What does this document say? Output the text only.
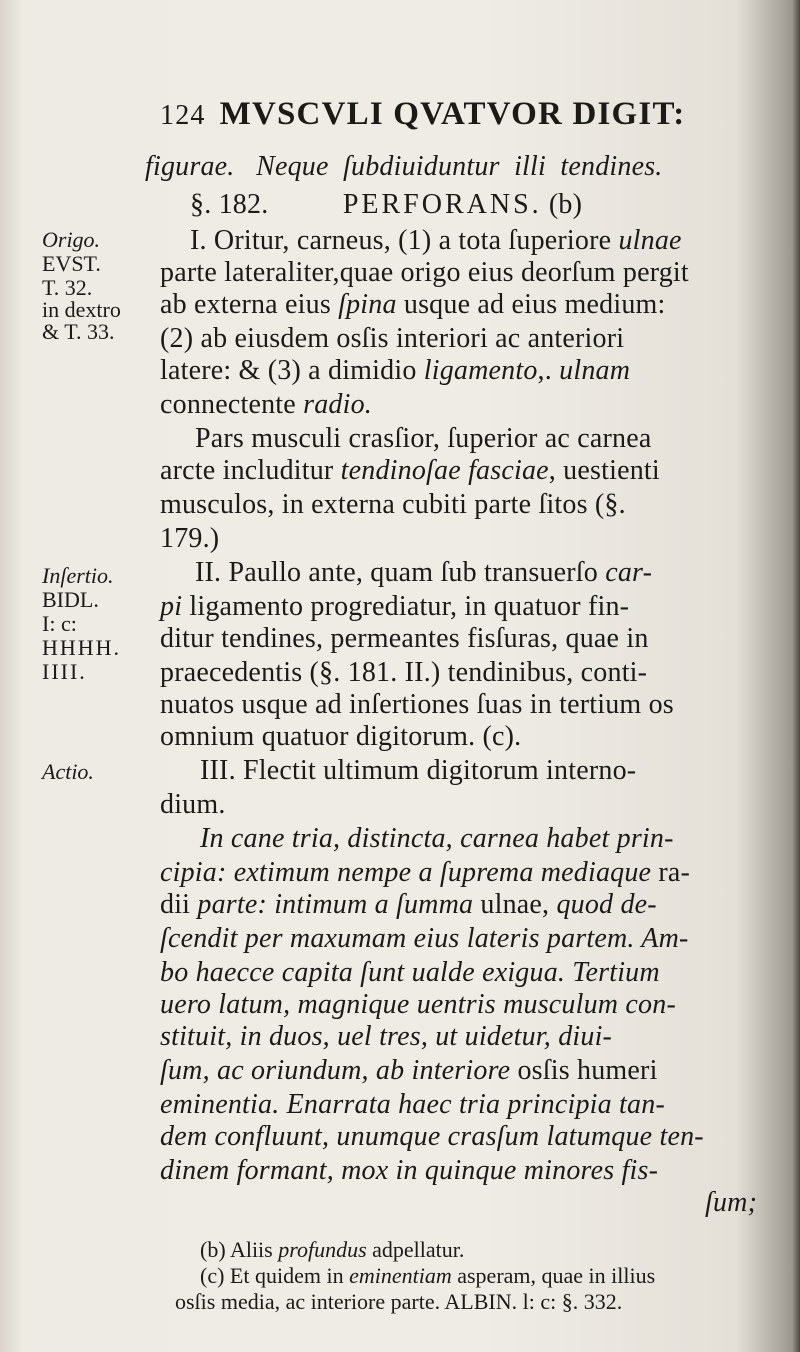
124 MVSCVLI QVATVOR DIGIT:
figurae. Neque ſubdiuiduntur illi tendines.
§. 182.	PERFORANS. (b)
I. Oritur, carneus, (1) a tota ſuperiore ulnae
parte lateraliter,quae origo eius deorſum pergit
ab externa eius ſpina usque ad eius medium:
(2) ab eiusdem osſis interiori ac anteriori
latere: & (3) a dimidio ligamento,. ulnam
connectente radio.
Pars musculi crasſior, ſuperior ac carnea
arcte includitur tendinoſae fasciae, uestienti
musculos, in externa cubiti parte ſitos (§.
179.)
II. Paullo ante, quam ſub transuerſo car-
pi ligamento progrediatur, in quatuor fin-
ditur tendines, permeantes fisſuras, quae in
praecedentis (§. 181. II.) tendinibus, conti-
nuatos usque ad inſertiones ſuas in tertium os
omnium quatuor digitorum. (c).
III. Flectit ultimum digitorum interno-
dium.
In cane tria, distincta, carnea habet prin-
cipia: extimum nempe a ſuprema mediaque ra-
dii parte: intimum a ſumma ulnae, quod de-
ſcendit per maxumam eius lateris partem. Am-
bo haecce capita ſunt ualde exigua. Tertium
uero latum, magnique uentris musculum con-
stituit, in duos, uel tres, ut uidetur, diui-
ſum, ac oriundum, ab interiore osſis humeri
eminentia. Enarrata haec tria principia tan-
dem confluunt, unumque crasſum latumque ten-
dinem formant, mox in quinque minores fis-
ſum;
Origo.
EVST.
T. 32.
in dextro
& T. 33.
Inſertio.
BIDL.
I: c:
HHHH.
IIII.
Actio.
(b) Aliis profundus adpellatur.
(c) Et quidem in eminentiam asperam, quae in illius
osſis media, ac interiore parte. ALBIN. l: c: §. 332.
